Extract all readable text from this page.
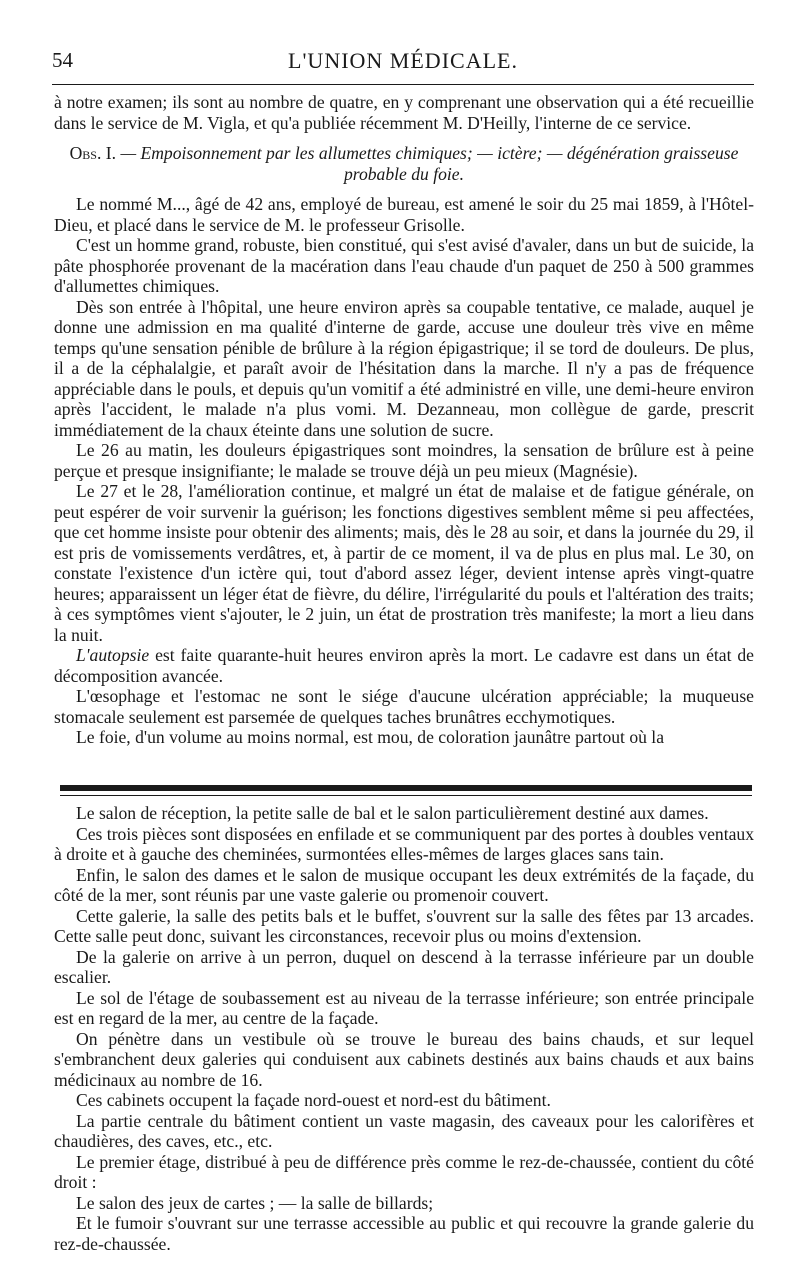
54	L'UNION MÉDICALE.

à notre examen; ils sont au nombre de quatre, en y comprenant une observation qui a été recueillie dans le service de M. Vigla, et qu'a publiée récemment M. D'Heilly, l'interne de ce service.

Obs. I. — Empoisonnement par les allumettes chimiques; — ictère; — dégénération graisseuse probable du foie.

Le nommé M..., âgé de 42 ans, employé de bureau, est amené le soir du 25 mai 1859, à l'Hôtel-Dieu, et placé dans le service de M. le professeur Grisolle.

C'est un homme grand, robuste, bien constitué, qui s'est avisé d'avaler, dans un but de suicide, la pâte phosphorée provenant de la macération dans l'eau chaude d'un paquet de 250 à 500 grammes d'allumettes chimiques.

Dès son entrée à l'hôpital, une heure environ après sa coupable tentative, ce malade, auquel je donne une admission en ma qualité d'interne de garde, accuse une douleur très vive en même temps qu'une sensation pénible de brûlure à la région épigastrique; il se tord de douleurs. De plus, il a de la céphalalgie, et paraît avoir de l'hésitation dans la marche. Il n'y a pas de fréquence appréciable dans le pouls, et depuis qu'un vomitif a été administré en ville, une demi-heure environ après l'accident, le malade n'a plus vomi. M. Dezanneau, mon collègue de garde, prescrit immédiatement de la chaux éteinte dans une solution de sucre.

Le 26 au matin, les douleurs épigastriques sont moindres, la sensation de brûlure est à peine perçue et presque insignifiante; le malade se trouve déjà un peu mieux (Magnésie).

Le 27 et le 28, l'amélioration continue, et malgré un état de malaise et de fatigue générale, on peut espérer de voir survenir la guérison; les fonctions digestives semblent même si peu affectées, que cet homme insiste pour obtenir des aliments; mais, dès le 28 au soir, et dans la journée du 29, il est pris de vomissements verdâtres, et, à partir de ce moment, il va de plus en plus mal. Le 30, on constate l'existence d'un ictère qui, tout d'abord assez léger, devient intense après vingt-quatre heures; apparaissent un léger état de fièvre, du délire, l'irrégularité du pouls et l'altération des traits; à ces symptômes vient s'ajouter, le 2 juin, un état de prostration très manifeste; la mort a lieu dans la nuit.

L'autopsie est faite quarante-huit heures environ après la mort. Le cadavre est dans un état de décomposition avancée.

L'œsophage et l'estomac ne sont le siége d'aucune ulcération appréciable; la muqueuse stomacale seulement est parsemée de quelques taches brunâtres ecchymotiques.

Le foie, d'un volume au moins normal, est mou, de coloration jaunâtre partout où la

Le salon de réception, la petite salle de bal et le salon particulièrement destiné aux dames.

Ces trois pièces sont disposées en enfilade et se communiquent par des portes à doubles ventaux à droite et à gauche des cheminées, surmontées elles-mêmes de larges glaces sans tain.

Enfin, le salon des dames et le salon de musique occupant les deux extrémités de la façade, du côté de la mer, sont réunis par une vaste galerie ou promenoir couvert.

Cette galerie, la salle des petits bals et le buffet, s'ouvrent sur la salle des fêtes par 13 arcades. Cette salle peut donc, suivant les circonstances, recevoir plus ou moins d'extension.

De la galerie on arrive à un perron, duquel on descend à la terrasse inférieure par un double escalier.

Le sol de l'étage de soubassement est au niveau de la terrasse inférieure; son entrée principale est en regard de la mer, au centre de la façade.

On pénètre dans un vestibule où se trouve le bureau des bains chauds, et sur lequel s'embranchent deux galeries qui conduisent aux cabinets destinés aux bains chauds et aux bains médicinaux au nombre de 16.

Ces cabinets occupent la façade nord-ouest et nord-est du bâtiment.

La partie centrale du bâtiment contient un vaste magasin, des caveaux pour les calorifères et chaudières, des caves, etc., etc.

Le premier étage, distribué à peu de différence près comme le rez-de-chaussée, contient du côté droit :

Le salon des jeux de cartes ; — la salle de billards;

Et le fumoir s'ouvrant sur une terrasse accessible au public et qui recouvre la grande galerie du rez-de-chaussée.
